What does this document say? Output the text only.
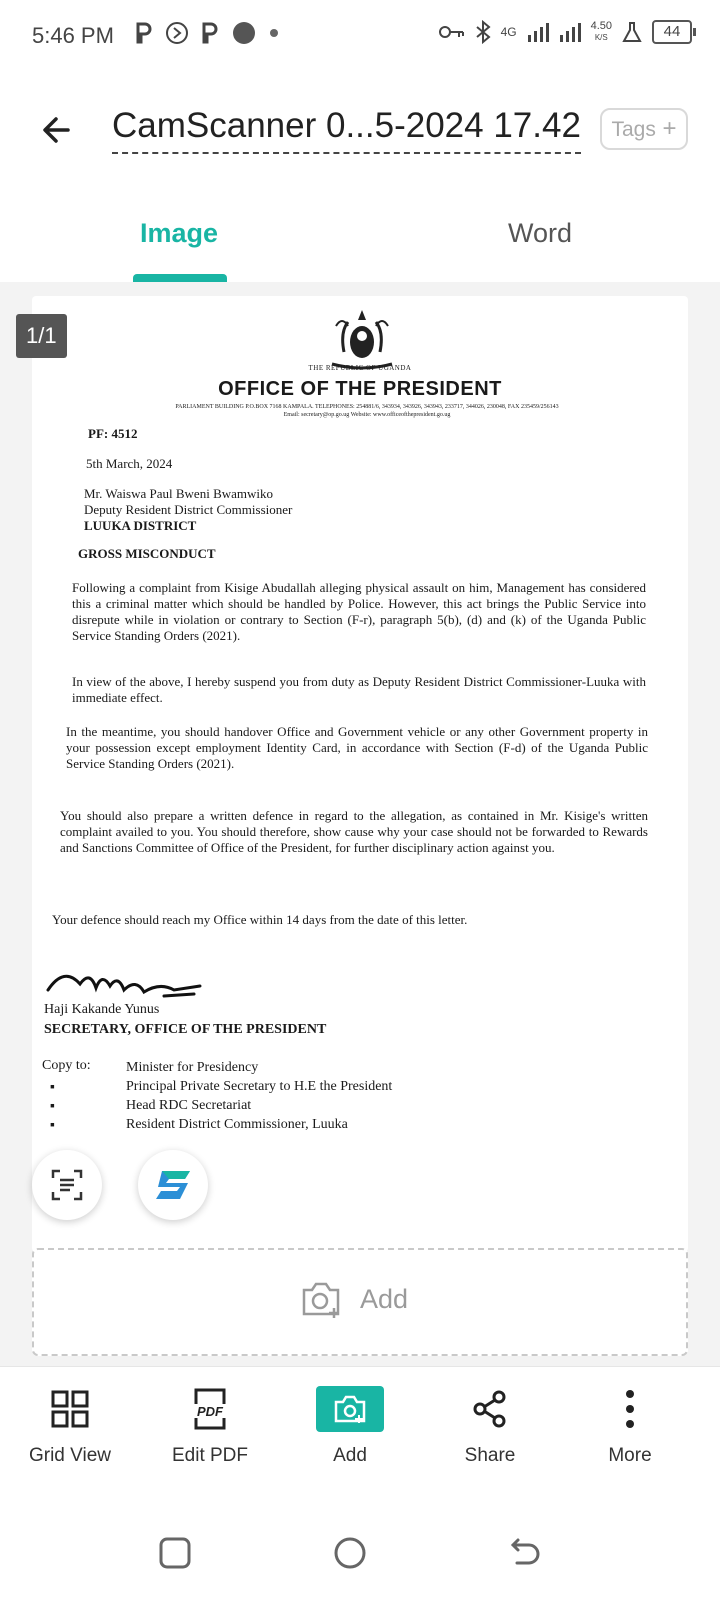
5:46 PM	4G	4.50
K/S	44
CamScanner 0...5-2024 17.42	Tags +
Image	Word
1/1
THE REPUBLIC OF UGANDA
OFFICE OF THE PRESIDENT
PARLIAMENT BUILDING P.O.BOX 7168 KAMPALA. TELEPHONES: 254881/6, 343934, 343926, 343943, 233717, 344026, 230048, FAX 235459/256143
Email: secretary@op.go.ug Website: www.officeofthepresident.go.ug
PF: 4512
5th March, 2024
Mr. Waiswa Paul Bweni Bwamwiko
Deputy Resident District Commissioner
LUUKA DISTRICT
GROSS MISCONDUCT
Following a complaint from Kisige Abudallah alleging physical assault on him, Management has considered this a criminal matter which should be handled by Police. However, this act brings the Public Service into disrepute while in violation or contrary to Section (F-r), paragraph 5(b), (d) and (k) of the Uganda Public Service Standing Orders (2021).
In view of the above, I hereby suspend you from duty as Deputy Resident District Commissioner-Luuka with immediate effect.
In the meantime, you should handover Office and Government vehicle or any other Government property in your possession except employment Identity Card, in accordance with Section (F-d) of the Uganda Public Service Standing Orders (2021).
You should also prepare a written defence in regard to the allegation, as contained in Mr. Kisige's written complaint availed to you. You should therefore, show cause why your case should not be forwarded to Rewards and Sanctions Committee of Office of the President, for further disciplinary action against you.
Your defence should reach my Office within 14 days from the date of this letter.
Haji Kakande Yunus
SECRETARY, OFFICE OF THE PRESIDENT
Copy to:	Minister for Presidency
Principal Private Secretary to H.E the President
Head RDC Secretariat
Resident District Commissioner, Luuka
▪
▪
▪
Add
Grid View
PDF
Edit PDF	Add	Share	More
